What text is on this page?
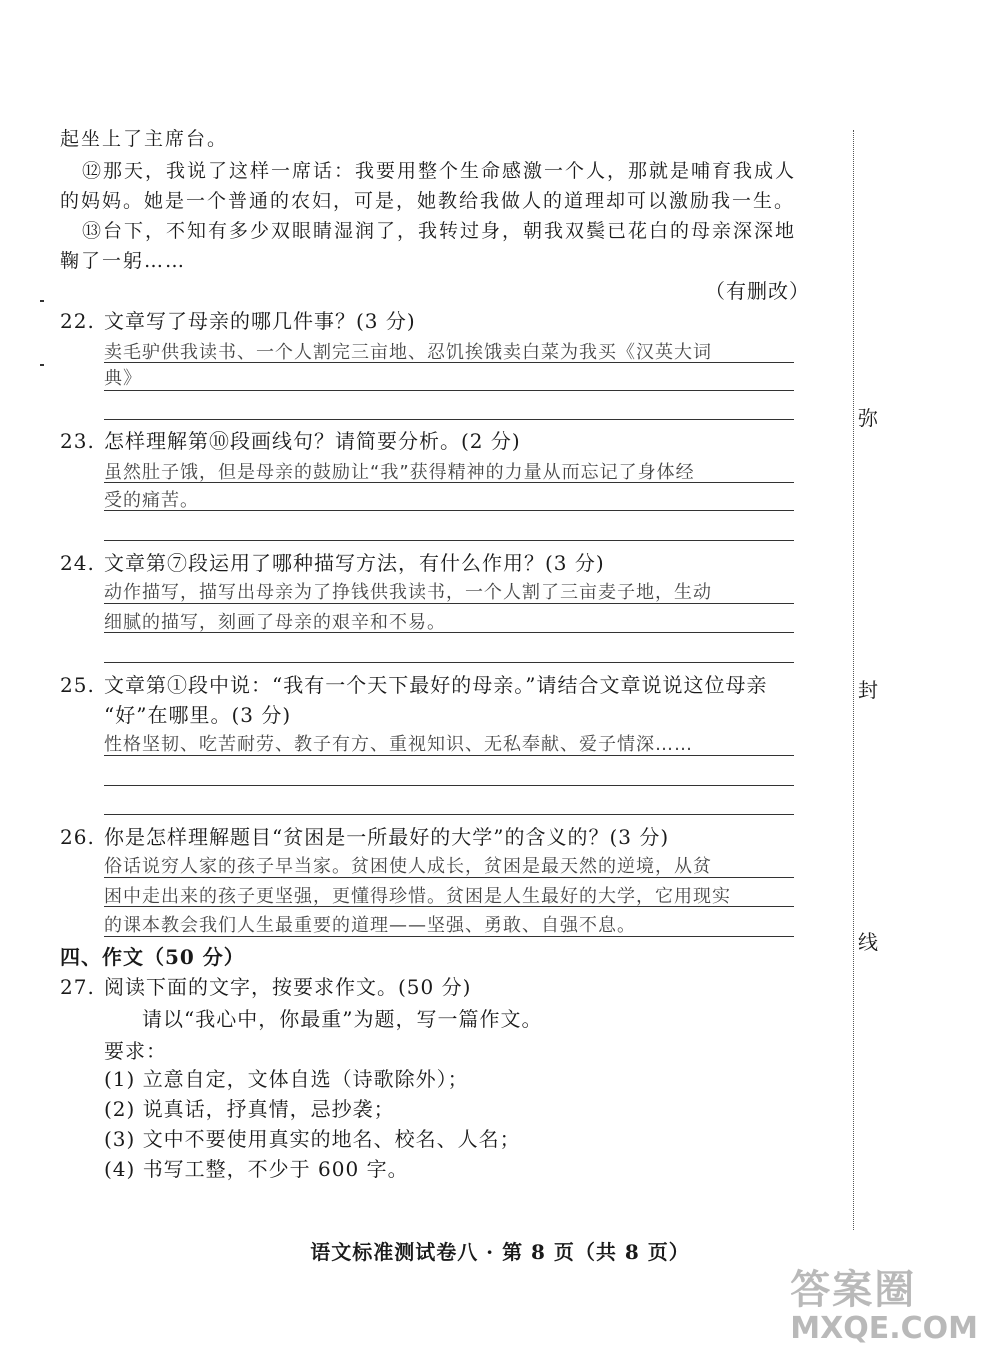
起坐上了主席台。
⑫那天，我说了这样一席话：我要用整个生命感激一个人，那就是哺育我成人
的妈妈。她是一个普通的农妇，可是，她教给我做人的道理却可以激励我一生。
⑬台下，不知有多少双眼睛湿润了，我转过身，朝我双鬓已花白的母亲深深地
鞠了一躬……
（有删改）
22. 文章写了母亲的哪几件事？(3 分)
卖毛驴供我读书、一个人割完三亩地、忍饥挨饿卖白菜为我买《汉英大词
典》
23. 怎样理解第⑩段画线句？请简要分析。(2 分)
虽然肚子饿，但是母亲的鼓励让“我”获得精神的力量从而忘记了身体经
受的痛苦。
24. 文章第⑦段运用了哪种描写方法，有什么作用？(3 分)
动作描写，描写出母亲为了挣钱供我读书，一个人割了三亩麦子地，生动
细腻的描写，刻画了母亲的艰辛和不易。
25. 文章第①段中说：“我有一个天下最好的母亲。”请结合文章说说这位母亲
“好”在哪里。(3 分)
性格坚韧、吃苦耐劳、教子有方、重视知识、无私奉献、爱子情深……
26. 你是怎样理解题目“贫困是一所最好的大学”的含义的？(3 分)
俗话说穷人家的孩子早当家。贫困使人成长，贫困是最天然的逆境，从贫
困中走出来的孩子更坚强，更懂得珍惜。贫困是人生最好的大学，它用现实
的课本教会我们人生最重要的道理——坚强、勇敢、自强不息。
四、作文（50 分）
27. 阅读下面的文字，按要求作文。(50 分)
请以“我心中，你最重”为题，写一篇作文。
要求：
(1) 立意自定，文体自选（诗歌除外）；
(2) 说真话，抒真情，忌抄袭；
(3) 文中不要使用真实的地名、校名、人名；
(4) 书写工整，不少于 600 字。
弥
封
线
语文标准测试卷八 · 第 8 页（共 8 页）
答案圈
MXQE.COM
